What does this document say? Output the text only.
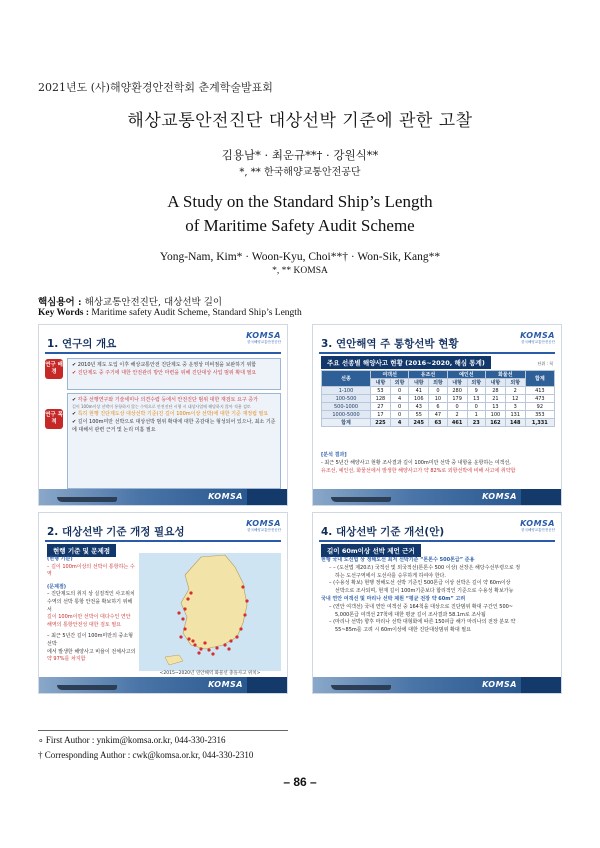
2021년도 (사)해양환경안전학회 춘계학술발표회
해상교통안전진단 대상선박 기준에 관한 고찰
김용남* · 최운규**† · 강원식**
*, ** 한국해양교통안전공단
A Study on the Standard Ship’s Length
of Maritime Safety Audit Scheme
Yong-Nam, Kim* · Woon-Kyu, Choi**† · Won-Sik, Kang**
*, ** KOMSA
핵심용어 : 해상교통안전진단, 대상선박 길이
Key Words : Maritime safety Audit Scheme, Standard Ship’s Length
1. 연구의 개요
KOMSA
한국해양교통안전공단
연구 배경
✔ 2010년 제도 도입 이후 해상교통안전 진단제도 중 운영상 미비점을 보완하기 위함
✔ 진단제도 중 주기에 대한 안전관리 방안 마련을 위해 진단대상 사업 범위 확대 필요
연구 목적
✔ 각종 선행연구와 기술세미나 의견수렴 등에서 안전진단 범위 대한 재검토 요구 증가
길이 100m이상 선박이 통항하지 않는 수역으로 안전진단 시행 시 대상사업에 해당하지 않아 적용 검토
✔ 특히 현행 진단제도상 대상선박 기준(진 길이 100m이상 선박)에 대한 기준 재정립 필요
✔ 길이 100m미만 선박으로 대상선박 범위 확대에 대한 공감대는 형성되어 있으나, 최소 기준에 대해서 관련 근거 및 논리 미흡 필요
KOMSA
3. 연안해역 주 통항선박 현황
KOMSA
한국해양교통안전공단
주요 선종별 해양사고 현황 (2016~2020, 해심 통계)	단위 : 척
선종	여객선		유조선		예인선		화물선		합계
	내항	외항	내항	외항	내항	외항	내항	외항	
1-100	53	0	41	0	280	9	28	2	413
100-500	128	4	106	10	179	13	21	12	473
500-1000	27	0	43	6	0	0	13	3	92
1000-5000	17	0	55	47	2	1	100	131	353
합계	225	4	245	63	461	23	162	148	1,331
[분석 결과]
- 최근 5년간 해양사고 현황 조사결과 길이 100m미만 선박 중 내항을 운항하는 여객선,
유조선, 예인선, 화물선에서 발생한 해양사고가 약 82%로 외항선박에 비해 사고에 취약함
KOMSA
2. 대상선박 기준 개정 필요성
KOMSA
한국해양교통안전공단
현행 기준 및 문제점
(현행 기준)
– 길이 100m이상의 선박이 통항하는 수역
(문제점)
– 진단제도의 취지 상 실질적인 사고위치
수역의 선박 통항 안전을 확보하기 위해서
길이 100m이만 선박이 대다수인 연안
해역의 통항안전성 대한 검토 필요
– 최근 5년간 길이 100m미만의 중소형선박
에서 발생한 해양사고 비율이 전체사고의
약 97%를 차지함
<2015~2020년 연안해역 화물선 충돌사고 위치>
KOMSA
4. 대상선박 기준 개선(안)
KOMSA
한국해양교통안전공단
길이 60m이상 선박 제언 근거
현행 국내 도선법 상 정해도선 최저 선박기준 “톤톤수 500톤급” 준용
– – (도선법 제20조) 국적선 및 외국적선(톤톤수 500 이상) 선장은 해당수선부령으로 정
하는 도선구역에서 도선사를 승무하게 하여야 한다.
– (수용성 확보) 현행 정해도선 선박 기준인 500톤급 이상 선박은 길이 약 60m이상
선박으로 조사되며, 현재 길이 100m기준보다 합리적인 기준으로 수용성 확보가능
국내 연안 여객선 및 마리나 선박 제원 “평균 전장 약 60m” 고려
– (연안 여객선) 국내 연안 여객선 중 164척을 대상으로 진단범위 확대 구간인 500~
5,000톤급 여객선 27척에 대한 평균 길이 조사결과 58.1m로 조사됨
– (마리나 선박) 향후 마리나 선박 대형화에 따른 150피급 해가 마리나의 전장 분포 약
55~85m를 고려 시 60m이상에 대한 진단대상범위 확대 필요
KOMSA
∘ First Author : ynkim@komsa.or.kr, 044-330-2316
† Corresponding Author : cwk@komsa.or.kr, 044-330-2310
– 86 –
